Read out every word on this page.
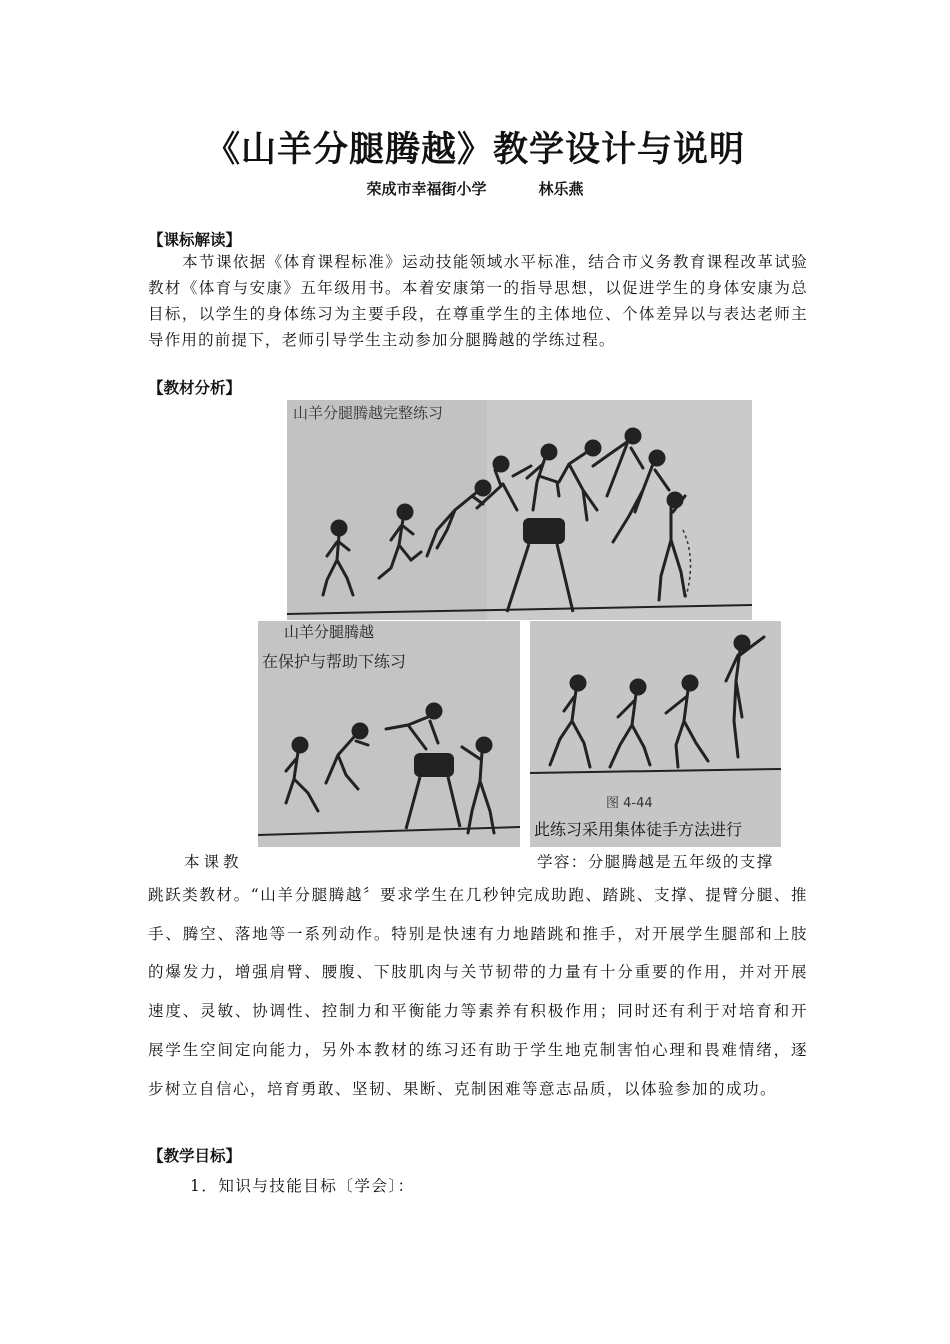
《山羊分腿腾越》教学设计与说明
荣成市幸福街小学	林乐燕
【课标解读】
本节课依据《体育课程标准》运动技能领域水平标准，结合市义务教育课程改革试验教材《体育与安康》五年级用书。本着安康第一的指导思想，以促进学生的身体安康为总目标，以学生的身体练习为主要手段，在尊重学生的主体地位、个体差异以与表达老师主导作用的前提下，老师引导学生主动参加分腿腾越的学练过程。
【教材分析】
山羊分腿腾越完整练习
山羊分腿腾越
在保护与帮助下练习
图 4-44
此练习采用集体徒手方法进行
本课教	学容：分腿腾越是五年级的支撑
跳跃类教材。“山羊分腿腾越〞要求学生在几秒钟完成助跑、踏跳、支撑、提臂分腿、推手、腾空、落地等一系列动作。特别是快速有力地踏跳和推手，对开展学生腿部和上肢的爆发力，增强肩臂、腰腹、下肢肌肉与关节韧带的力量有十分重要的作用，并对开展速度、灵敏、协调性、控制力和平衡能力等素养有积极作用；同时还有利于对培育和开展学生空间定向能力，另外本教材的练习还有助于学生地克制害怕心理和畏难情绪，逐步树立自信心，培育勇敢、坚韧、果断、克制困难等意志品质，以体验参加的成功。
【教学目标】
1．知识与技能目标〔学会〕：
